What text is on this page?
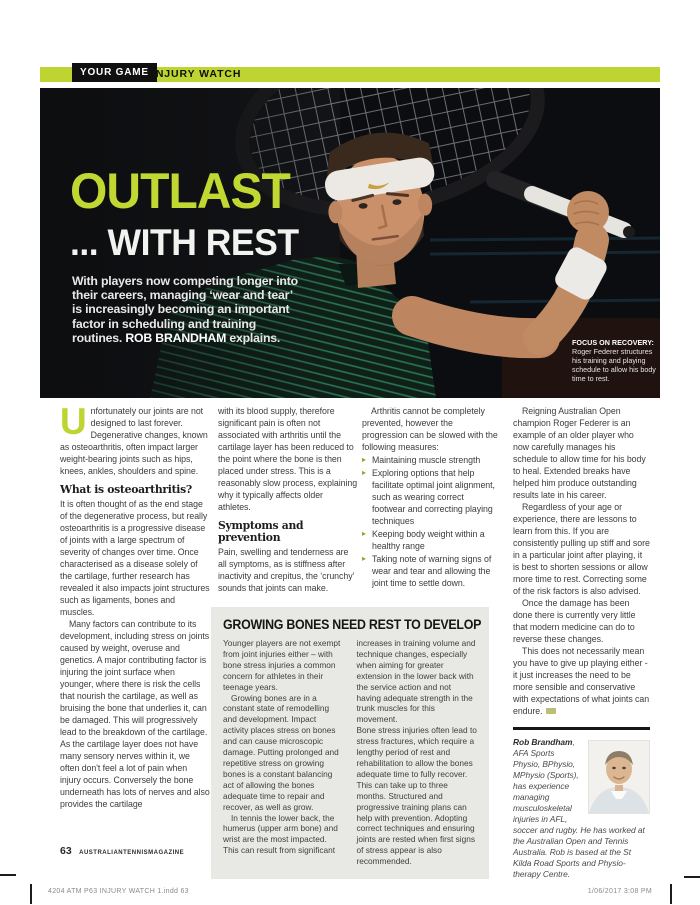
YOUR GAME INJURY WATCH
OUTLAST
... WITH REST
With players now competing longer into their careers, managing ‘wear and tear’ is increasingly becoming an important factor in scheduling and training routines. ROB BRANDHAM explains.	FOCUS ON RECOVERY:
Roger Federer structures his training and playing schedule to allow his body time to rest.

Unfortunately our joints are not designed to last forever. Degenerative changes, known as osteoarthritis, often impact larger weight-bearing joints such as hips, knees, ankles, shoulders and spine.

What is osteoarthritis?

It is often thought of as the end stage of the degenerative process, but really osteoarthritis is a progressive disease of joints with a large spectrum of severity of changes over time. Once characterised as a disease solely of the cartilage, further research has revealed it also impacts joint structures such as ligaments, bones and muscles.

Many factors can contribute to its development, including stress on joints caused by weight, overuse and genetics. A major contributing factor is injuring the joint surface when younger, where there is risk the cells that nourish the cartilage, as well as bruising the bone that underlies it, can be damaged. This will progressively lead to the breakdown of the cartilage. As the cartilage layer does not have many sensory nerves within it, we often don't feel a lot of pain when injury occurs. Conversely the bone underneath has lots of nerves and also provides the cartilage

with its blood supply, therefore significant pain is often not associated with arthritis until the cartilage layer has been reduced to the point where the bone is then placed under stress. This is a reasonably slow process, explaining why it typically affects older athletes.

Symptoms and prevention

Pain, swelling and tenderness are all symptoms, as is stiffness after inactivity and crepitus, the ‘crunchy’ sounds that joints can make.

Arthritis cannot be completely prevented, however the progression can be slowed with the following measures:

▸ Maintaining muscle strength
▸ Exploring options that help facilitate optimal joint alignment, such as wearing correct footwear and correcting playing techniques
▸ Keeping body weight within a healthy range
▸ Taking note of warning signs of wear and tear and allowing the joint time to settle down.

Reigning Australian Open champion Roger Federer is an example of an older player who now carefully manages his schedule to allow time for his body to heal. Extended breaks have helped him produce outstanding results late in his career.

Regardless of your age or experience, there are lessons to learn from this. If you are consistently pulling up stiff and sore in a particular joint after playing, it is best to shorten sessions or allow more time to rest. Correcting some of the risk factors is also advised.

Once the damage has been done there is currently very little that modern medicine can do to reverse these changes.

This does not necessarily mean you have to give up playing either - it just increases the need to be more sensible and conservative with expectations of what joints can endure.

Rob Brandham, AFA Sports Physio, BPhysio, MPhysio (Sports), has experience managing musculoskeletal injuries in AFL, soccer and rugby. He has worked at the Australian Open and Tennis Australia. Rob is based at the St Kilda Road Sports and Physio-therapy Centre.
GROWING BONES NEED REST TO DEVELOP

Younger players are not exempt from joint injuries either – with bone stress injuries a common concern for athletes in their teenage years.

Growing bones are in a constant state of remodelling and development. Impact activity places stress on bones and can cause microscopic damage. Putting prolonged and repetitive stress on growing bones is a constant balancing act of allowing the bones adequate time to repair and recover, as well as grow.

In tennis the lower back, the humerus (upper arm bone) and wrist are the most impacted. This can result from significant

increases in training volume and technique changes, especially when aiming for greater extension in the lower back with the service action and not having adequate strength in the trunk muscles for this movement.

Bone stress injuries often lead to stress fractures, which require a lengthy period of rest and rehabilitation to allow the bones adequate time to fully recover. This can take up to three months. Structured and progressive training plans can help with prevention. Adopting correct techniques and ensuring joints are rested when first signs of stress appear is also recommended.

63 AUSTRALIANTENNISMAGAZINE
4204 ATM P63 INJURY WATCH 1.indd 63	1/06/2017 3:08 PM
